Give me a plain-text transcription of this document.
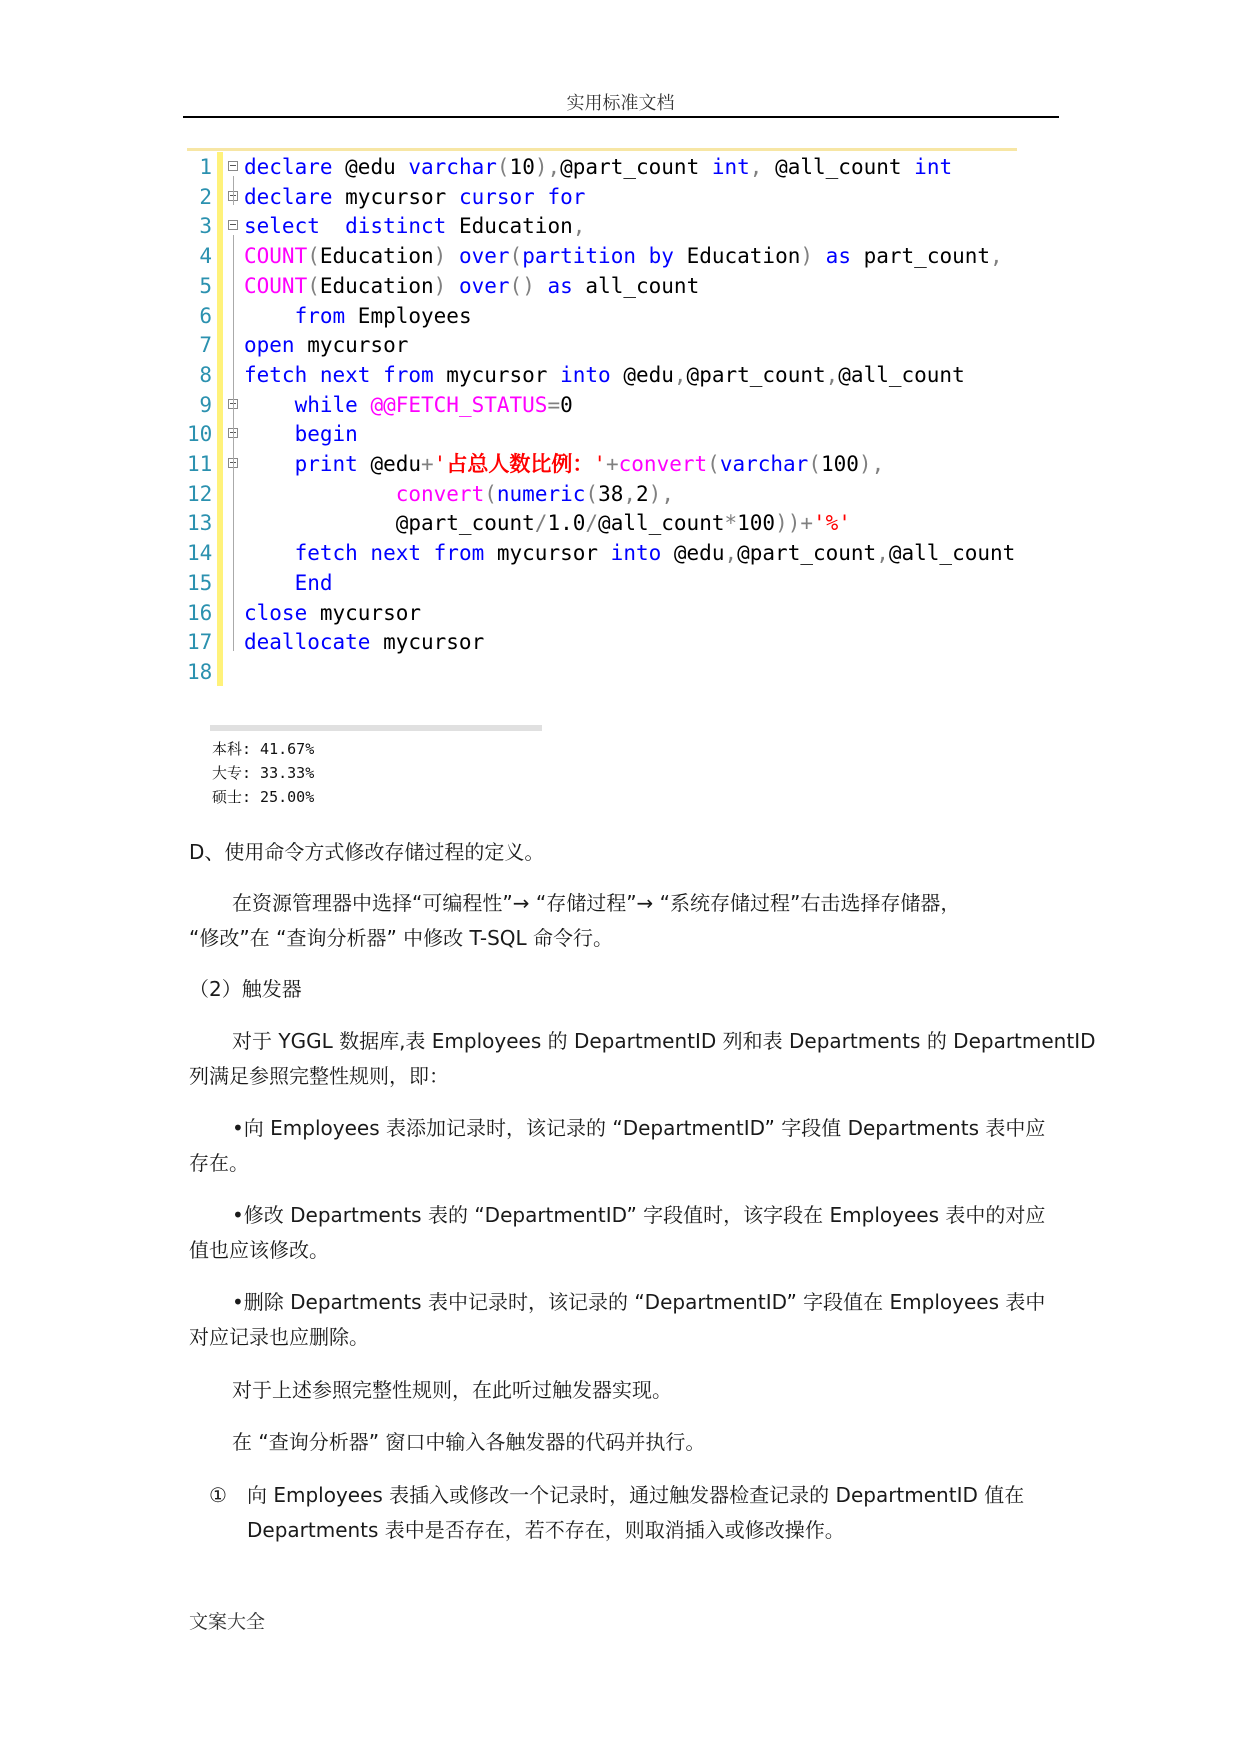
实用标准文档
1 declare @edu varchar(10),@part_count int, @all_count int
2 declare mycursor cursor for
3 select  distinct Education,
4 COUNT(Education) over(partition by Education) as part_count,
5 COUNT(Education) over() as all_count
6	from Employees
7 open mycursor
8 fetch next from mycursor into @edu,@part_count,@all_count
9	while @@FETCH_STATUS=0
10	begin
11	print @edu+'占总人数比例：'+convert(varchar(100),
12	convert(numeric(38,2),
13	@part_count/1.0/@all_count*100))+'%'
14	fetch next from mycursor into @edu,@part_count,@all_count
15	End
16 close mycursor
17 deallocate mycursor
18
本科: 41.67%
大专: 33.33%
硕士: 25.00%
D、使用命令方式修改存储过程的定义。
在资源管理器中选择“可编程性”→ “存储过程”→ “系统存储过程”右击选择存储器，
“修改”在 “查询分析器” 中修改 T-SQL 命令行。
（2）触发器
对于 YGGL 数据库,表 Employees 的 DepartmentID 列和表 Departments 的 DepartmentID
列满足参照完整性规则，即：
•向 Employees 表添加记录时，该记录的 “DepartmentID” 字段值 Departments 表中应
存在。
•修改 Departments 表的 “DepartmentID” 字段值时，该字段在 Employees 表中的对应
值也应该修改。
•删除 Departments 表中记录时，该记录的 “DepartmentID” 字段值在 Employees 表中
对应记录也应删除。
对于上述参照完整性规则，在此听过触发器实现。
在 “查询分析器” 窗口中输入各触发器的代码并执行。
① 向 Employees 表插入或修改一个记录时，通过触发器检查记录的 DepartmentID 值在
Departments 表中是否存在，若不存在，则取消插入或修改操作。
文案大全
